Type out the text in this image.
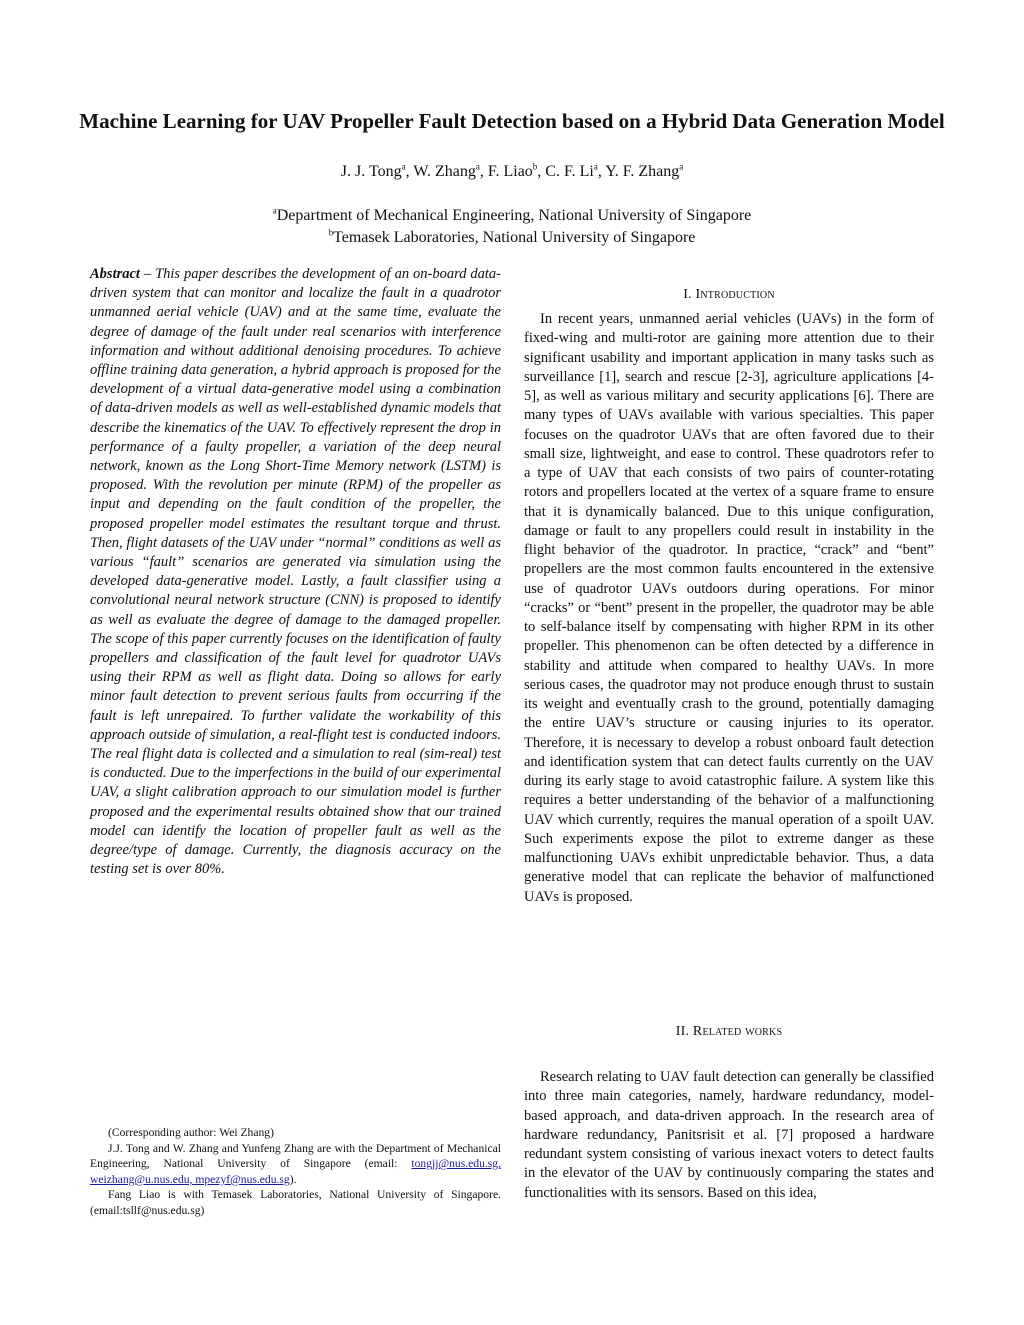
Machine Learning for UAV Propeller Fault Detection based on a Hybrid Data Generation Model
J. J. Tong$^a$, W. Zhang$^a$, F. Liao$^b$, C. F. Li$^a$, Y. F. Zhang$^a$
$^a$Department of Mechanical Engineering, National University of Singapore
$^b$Temasek Laboratories, National University of Singapore

Abstract – This paper describes the development of an on-board data-driven system that can monitor and localize the fault in a quadrotor unmanned aerial vehicle (UAV) and at the same time, evaluate the degree of damage of the fault under real scenarios with interference information and without additional denoising procedures. To achieve offline training data generation, a hybrid approach is proposed for the development of a virtual data-generative model using a combination of data-driven models as well as well-established dynamic models that describe the kinematics of the UAV. To effectively represent the drop in performance of a faulty propeller, a variation of the deep neural network, known as the Long Short-Time Memory network (LSTM) is proposed. With the revolution per minute (RPM) of the propeller as input and depending on the fault condition of the propeller, the proposed propeller model estimates the resultant torque and thrust. Then, flight datasets of the UAV under “normal” conditions as well as various “fault” scenarios are generated via simulation using the developed data-generative model. Lastly, a fault classifier using a convolutional neural network structure (CNN) is proposed to identify as well as evaluate the degree of damage to the damaged propeller. The scope of this paper currently focuses on the identification of faulty propellers and classification of the fault level for quadrotor UAVs using their RPM as well as flight data. Doing so allows for early minor fault detection to prevent serious faults from occurring if the fault is left unrepaired. To further validate the workability of this approach outside of simulation, a real-flight test is conducted indoors. The real flight data is collected and a simulation to real (sim-real) test is conducted. Due to the imperfections in the build of our experimental UAV, a slight calibration approach to our simulation model is further proposed and the experimental results obtained show that our trained model can identify the location of propeller fault as well as the degree/type of damage. Currently, the diagnosis accuracy on the testing set is over 80%.

(Corresponding author: Wei Zhang)

J.J. Tong and W. Zhang and Yunfeng Zhang are with the Department of Mechanical Engineering, National University of Singapore (email: tongjj@nus.edu.sg, weizhang@u.nus.edu, mpezyf@nus.edu.sg).

Fang Liao is with Temasek Laboratories, National University of Singapore. (email:tsllf@nus.edu.sg)

I. Introduction

In recent years, unmanned aerial vehicles (UAVs) in the form of fixed-wing and multi-rotor are gaining more attention due to their significant usability and important application in many tasks such as surveillance [1], search and rescue [2-3], agriculture applications [4-5], as well as various military and security applications [6]. There are many types of UAVs available with various specialties. This paper focuses on the quadrotor UAVs that are often favored due to their small size, lightweight, and ease to control. These quadrotors refer to a type of UAV that each consists of two pairs of counter-rotating rotors and propellers located at the vertex of a square frame to ensure that it is dynamically balanced. Due to this unique configuration, damage or fault to any propellers could result in instability in the flight behavior of the quadrotor. In practice, “crack” and “bent” propellers are the most common faults encountered in the extensive use of quadrotor UAVs outdoors during operations. For minor “cracks” or “bent” present in the propeller, the quadrotor may be able to self-balance itself by compensating with higher RPM in its other propeller. This phenomenon can be often detected by a difference in stability and attitude when compared to healthy UAVs. In more serious cases, the quadrotor may not produce enough thrust to sustain its weight and eventually crash to the ground, potentially damaging the entire UAV’s structure or causing injuries to its operator. Therefore, it is necessary to develop a robust onboard fault detection and identification system that can detect faults currently on the UAV during its early stage to avoid catastrophic failure. A system like this requires a better understanding of the behavior of a malfunctioning UAV which currently, requires the manual operation of a spoilt UAV. Such experiments expose the pilot to extreme danger as these malfunctioning UAVs exhibit unpredictable behavior. Thus, a data generative model that can replicate the behavior of malfunctioned UAVs is proposed.

II. Related works

Research relating to UAV fault detection can generally be classified into three main categories, namely, hardware redundancy, model-based approach, and data-driven approach. In the research area of hardware redundancy, Panitsrisit et al. [7] proposed a hardware redundant system consisting of various inexact voters to detect faults in the elevator of the UAV by continuously comparing the states and functionalities with its sensors. Based on this idea,
